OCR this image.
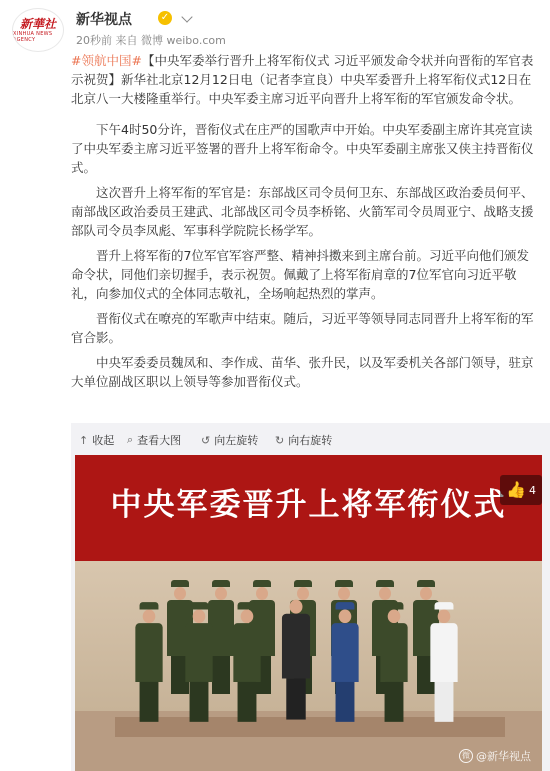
新華社
XINHUA NEWS AGENCY
新华视点	✓
20秒前 来自 微博 weibo.com

#领航中国#【中央军委举行晋升上将军衔仪式 习近平颁发命令状并向晋衔的军官表示祝贺】新华社北京12月12日电（记者李宣良）中央军委晋升上将军衔仪式12日在北京八一大楼隆重举行。中央军委主席习近平向晋升上将军衔的军官颁发命令状。

下午4时50分许，晋衔仪式在庄严的国歌声中开始。中央军委副主席许其亮宣读了中央军委主席习近平签署的晋升上将军衔命令。中央军委副主席张又侠主持晋衔仪式。

这次晋升上将军衔的军官是：东部战区司令员何卫东、东部战区政治委员何平、南部战区政治委员王建武、北部战区司令员李桥铭、火箭军司令员周亚宁、战略支援部队司令员李凤彪、军事科学院院长杨学军。

晋升上将军衔的7位军官军容严整、精神抖擞来到主席台前。习近平向他们颁发命令状，同他们亲切握手，表示祝贺。佩戴了上将军衔肩章的7位军官向习近平敬礼，向参加仪式的全体同志敬礼，全场响起热烈的掌声。

晋衔仪式在嘹亮的军歌声中结束。随后，习近平等领导同志同晋升上将军衔的军官合影。

中央军委委员魏凤和、李作成、苗华、张升民，以及军委机关各部门领导，驻京大单位副战区职以上领导等参加晋衔仪式。

↑ 收起 ⌕ 查看大图 ↺ 向左旋转 ↻ 向右旋转
中央军委晋升上将军衔仪式 👍 4
微 @新华视点
